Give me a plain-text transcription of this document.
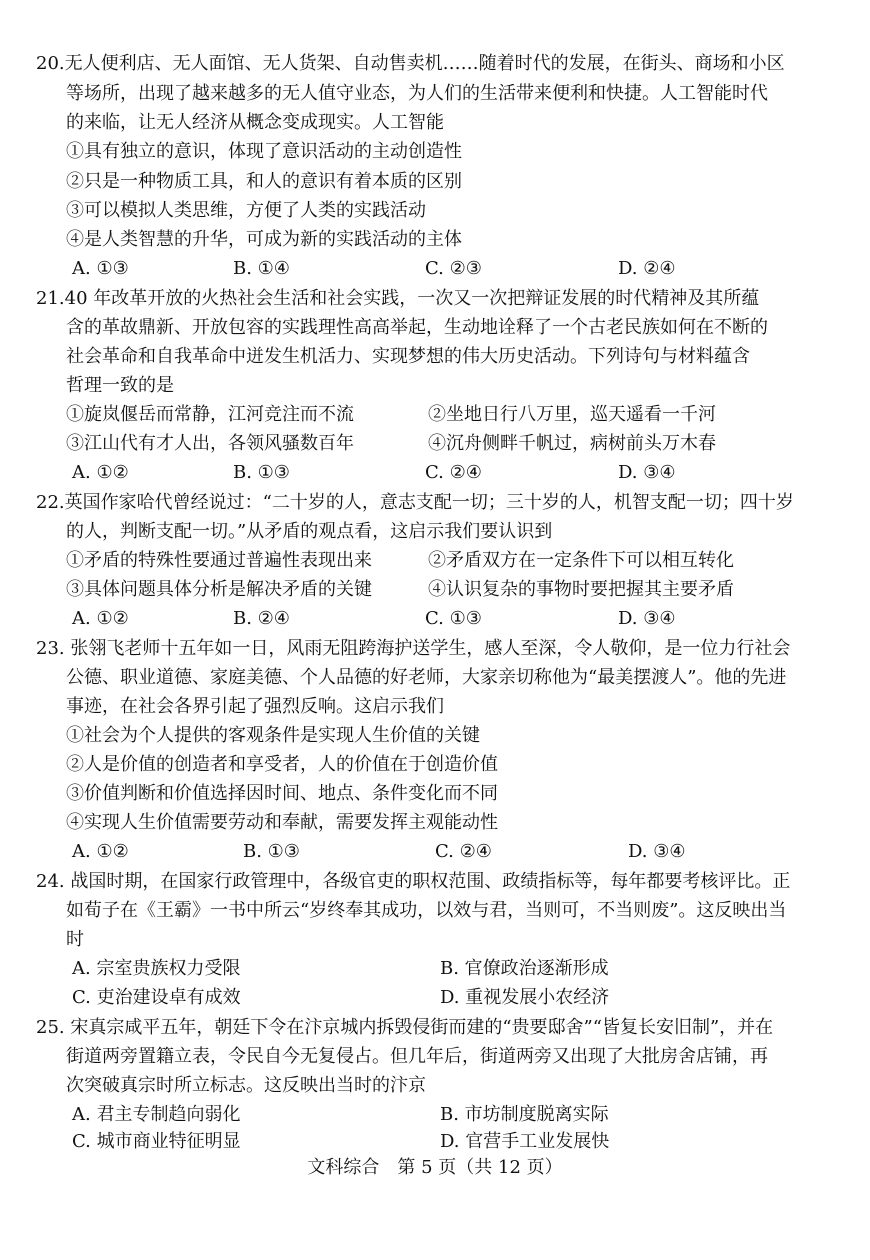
20.无人便利店、无人面馆、无人货架、自动售卖机……随着时代的发展，在街头、商场和小区
等场所，出现了越来越多的无人值守业态，为人们的生活带来便利和快捷。人工智能时代
的来临，让无人经济从概念变成现实。人工智能
①具有独立的意识，体现了意识活动的主动创造性
②只是一种物质工具，和人的意识有着本质的区别
③可以模拟人类思维，方便了人类的实践活动
④是人类智慧的升华，可成为新的实践活动的主体
A. ①③	B. ①④	C. ②③	D. ②④
21.40 年改革开放的火热社会生活和社会实践，一次又一次把辩证发展的时代精神及其所蕴
含的革故鼎新、开放包容的实践理性高高举起，生动地诠释了一个古老民族如何在不断的
社会革命和自我革命中迸发生机活力、实现梦想的伟大历史活动。下列诗句与材料蕴含
哲理一致的是
①旋岚偃岳而常静，江河竞注而不流	②坐地日行八万里，巡天遥看一千河
③江山代有才人出，各领风骚数百年	④沉舟侧畔千帆过，病树前头万木春
A. ①②	B. ①③	C. ②④	D. ③④
22.英国作家哈代曾经说过：“二十岁的人，意志支配一切；三十岁的人，机智支配一切；四十岁
的人，判断支配一切。”从矛盾的观点看，这启示我们要认识到
①矛盾的特殊性要通过普遍性表现出来	②矛盾双方在一定条件下可以相互转化
③具体问题具体分析是解决矛盾的关键	④认识复杂的事物时要把握其主要矛盾
A. ①②	B. ②④	C. ①③	D. ③④
23. 张翎飞老师十五年如一日，风雨无阻跨海护送学生，感人至深，令人敬仰，是一位力行社会
公德、职业道德、家庭美德、个人品德的好老师，大家亲切称他为“最美摆渡人”。他的先进
事迹，在社会各界引起了强烈反响。这启示我们
①社会为个人提供的客观条件是实现人生价值的关键
②人是价值的创造者和享受者，人的价值在于创造价值
③价值判断和价值选择因时间、地点、条件变化而不同
④实现人生价值需要劳动和奉献，需要发挥主观能动性
A. ①②	B. ①③	C. ②④	D. ③④
24. 战国时期，在国家行政管理中，各级官吏的职权范围、政绩指标等，每年都要考核评比。正
如荀子在《王霸》一书中所云“岁终奉其成功，以效与君，当则可，不当则废”。这反映出当
时
A. 宗室贵族权力受限	B. 官僚政治逐渐形成
C. 吏治建设卓有成效	D. 重视发展小农经济
25. 宋真宗咸平五年，朝廷下令在汴京城内拆毁侵街而建的“贵要邸舍”“皆复长安旧制”，并在
街道两旁置籍立表，令民自今无复侵占。但几年后，街道两旁又出现了大批房舍店铺，再
次突破真宗时所立标志。这反映出当时的汴京
A. 君主专制趋向弱化	B. 市坊制度脱离实际
C. 城市商业特征明显	D. 官营手工业发展快
文科综合　第 5 页（共 12 页）
